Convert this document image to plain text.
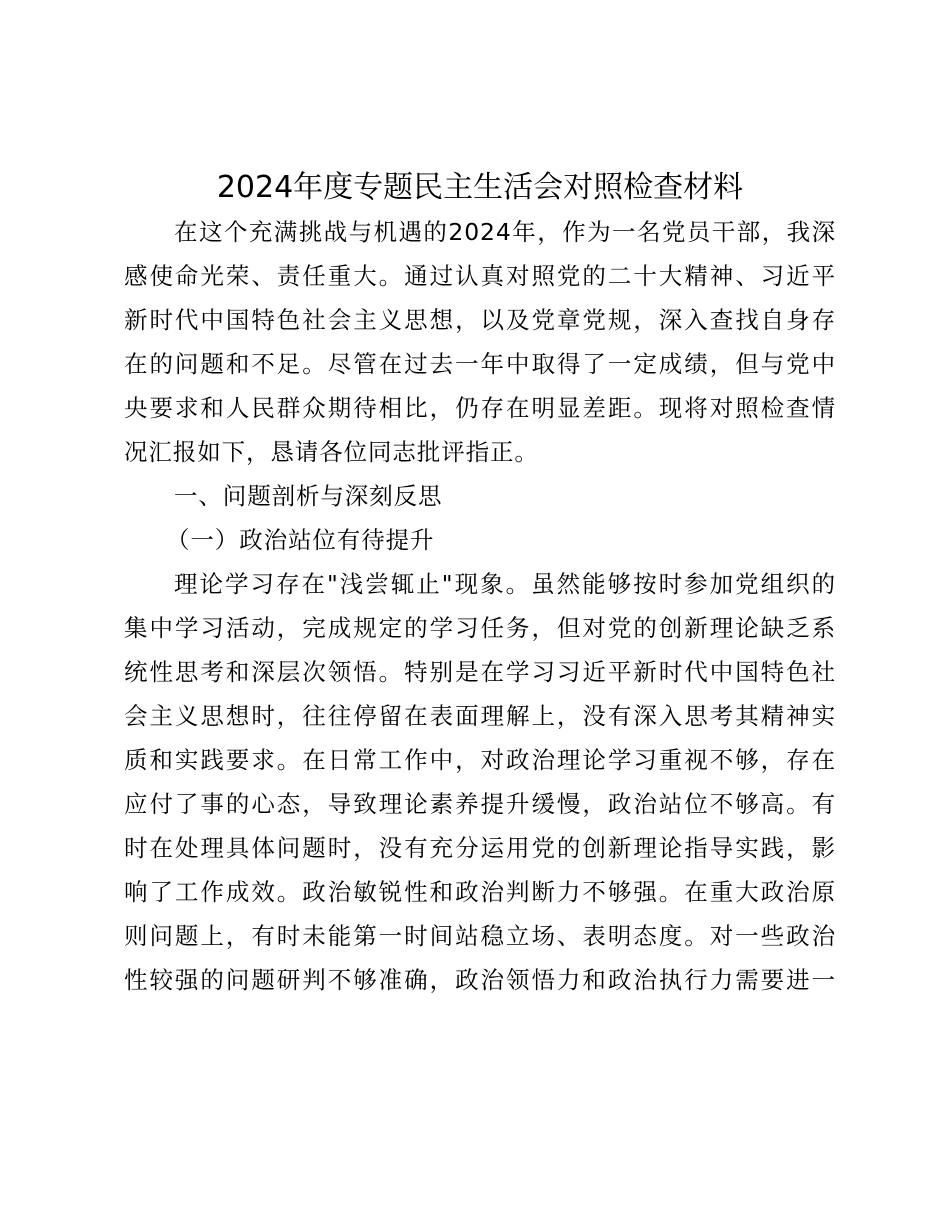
2024年度专题民主生活会对照检查材料
在这个充满挑战与机遇的2024年，作为一名党员干部，我深
感使命光荣、责任重大。通过认真对照党的二十大精神、习近平
新时代中国特色社会主义思想，以及党章党规，深入查找自身存
在的问题和不足。尽管在过去一年中取得了一定成绩，但与党中
央要求和人民群众期待相比，仍存在明显差距。现将对照检查情
况汇报如下，恳请各位同志批评指正。
一、问题剖析与深刻反思
（一）政治站位有待提升
理论学习存在"浅尝辄止"现象。虽然能够按时参加党组织的
集中学习活动，完成规定的学习任务，但对党的创新理论缺乏系
统性思考和深层次领悟。特别是在学习习近平新时代中国特色社
会主义思想时，往往停留在表面理解上，没有深入思考其精神实
质和实践要求。在日常工作中，对政治理论学习重视不够，存在
应付了事的心态，导致理论素养提升缓慢，政治站位不够高。有
时在处理具体问题时，没有充分运用党的创新理论指导实践，影
响了工作成效。政治敏锐性和政治判断力不够强。在重大政治原
则问题上，有时未能第一时间站稳立场、表明态度。对一些政治
性较强的问题研判不够准确，政治领悟力和政治执行力需要进一
